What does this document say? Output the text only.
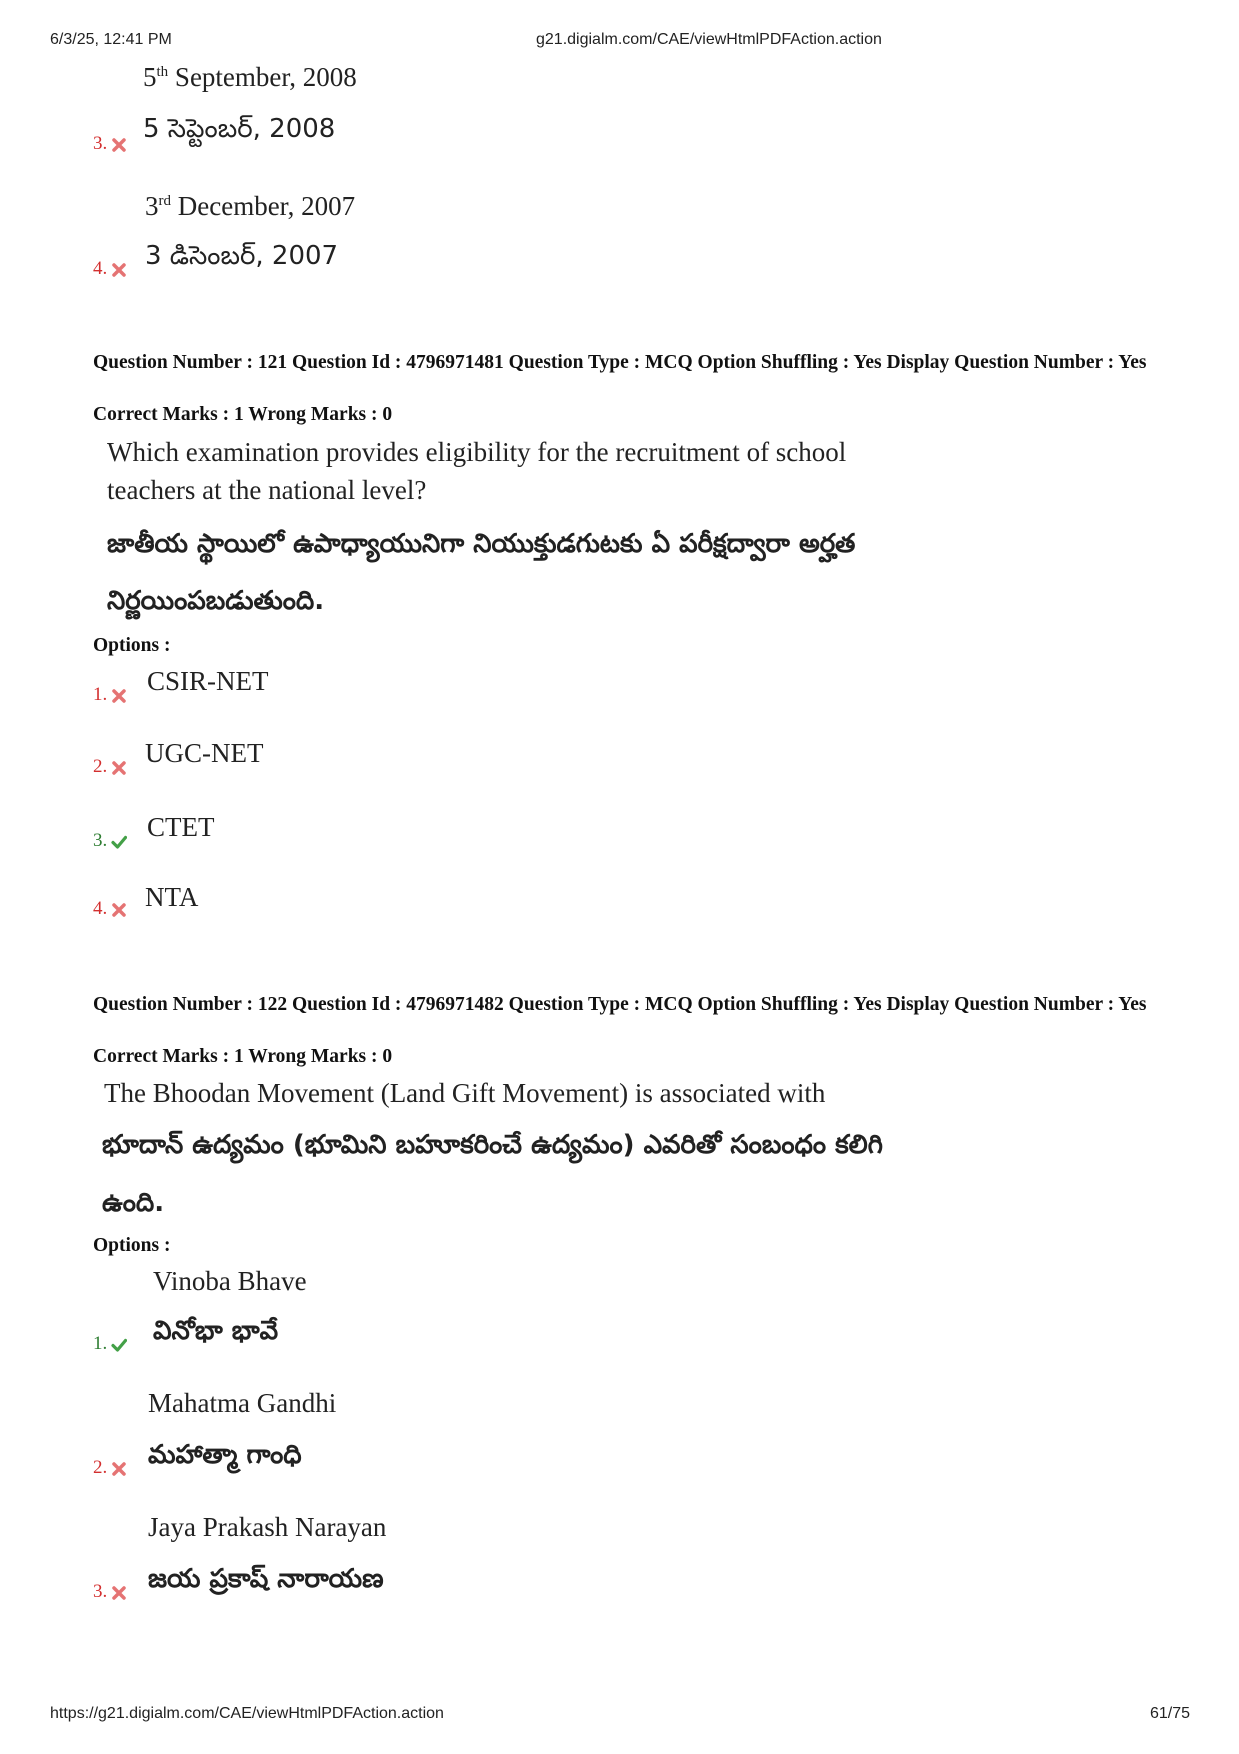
6/3/25, 12:41 PM	g21.digialm.com/CAE/viewHtmlPDFAction.action
5th September, 2008
3.	5 సెప్టెంబర్, 2008
3rd December, 2007
4.	3 డిసెంబర్, 2007
Question Number : 121 Question Id : 4796971481 Question Type : MCQ Option Shuffling : Yes Display Question Number : Yes
Correct Marks : 1 Wrong Marks : 0
Which examination provides eligibility for the recruitment of school
teachers at the national level?
జాతీయ స్థాయిలో ఉపాధ్యాయునిగా నియుక్తుడగుటకు ఏ పరీక్షద్వారా అర్హత
నిర్ణయింపబడుతుంది.
Options :
1.	CSIR-NET
2.	UGC-NET
3.	CTET
4.	NTA
Question Number : 122 Question Id : 4796971482 Question Type : MCQ Option Shuffling : Yes Display Question Number : Yes
Correct Marks : 1 Wrong Marks : 0
The Bhoodan Movement (Land Gift Movement) is associated with
భూదాన్ ఉద్యమం (భూమిని బహూకరించే ఉద్యమం) ఎవరితో సంబంధం కలిగి
ఉంది.
Options :
Vinoba Bhave
1.	వినోభా భావే
Mahatma Gandhi
2.	మహాత్మా గాంధి
Jaya Prakash Narayan
3.	జయ ప్రకాష్ నారాయణ
https://g21.digialm.com/CAE/viewHtmlPDFAction.action	61/75
